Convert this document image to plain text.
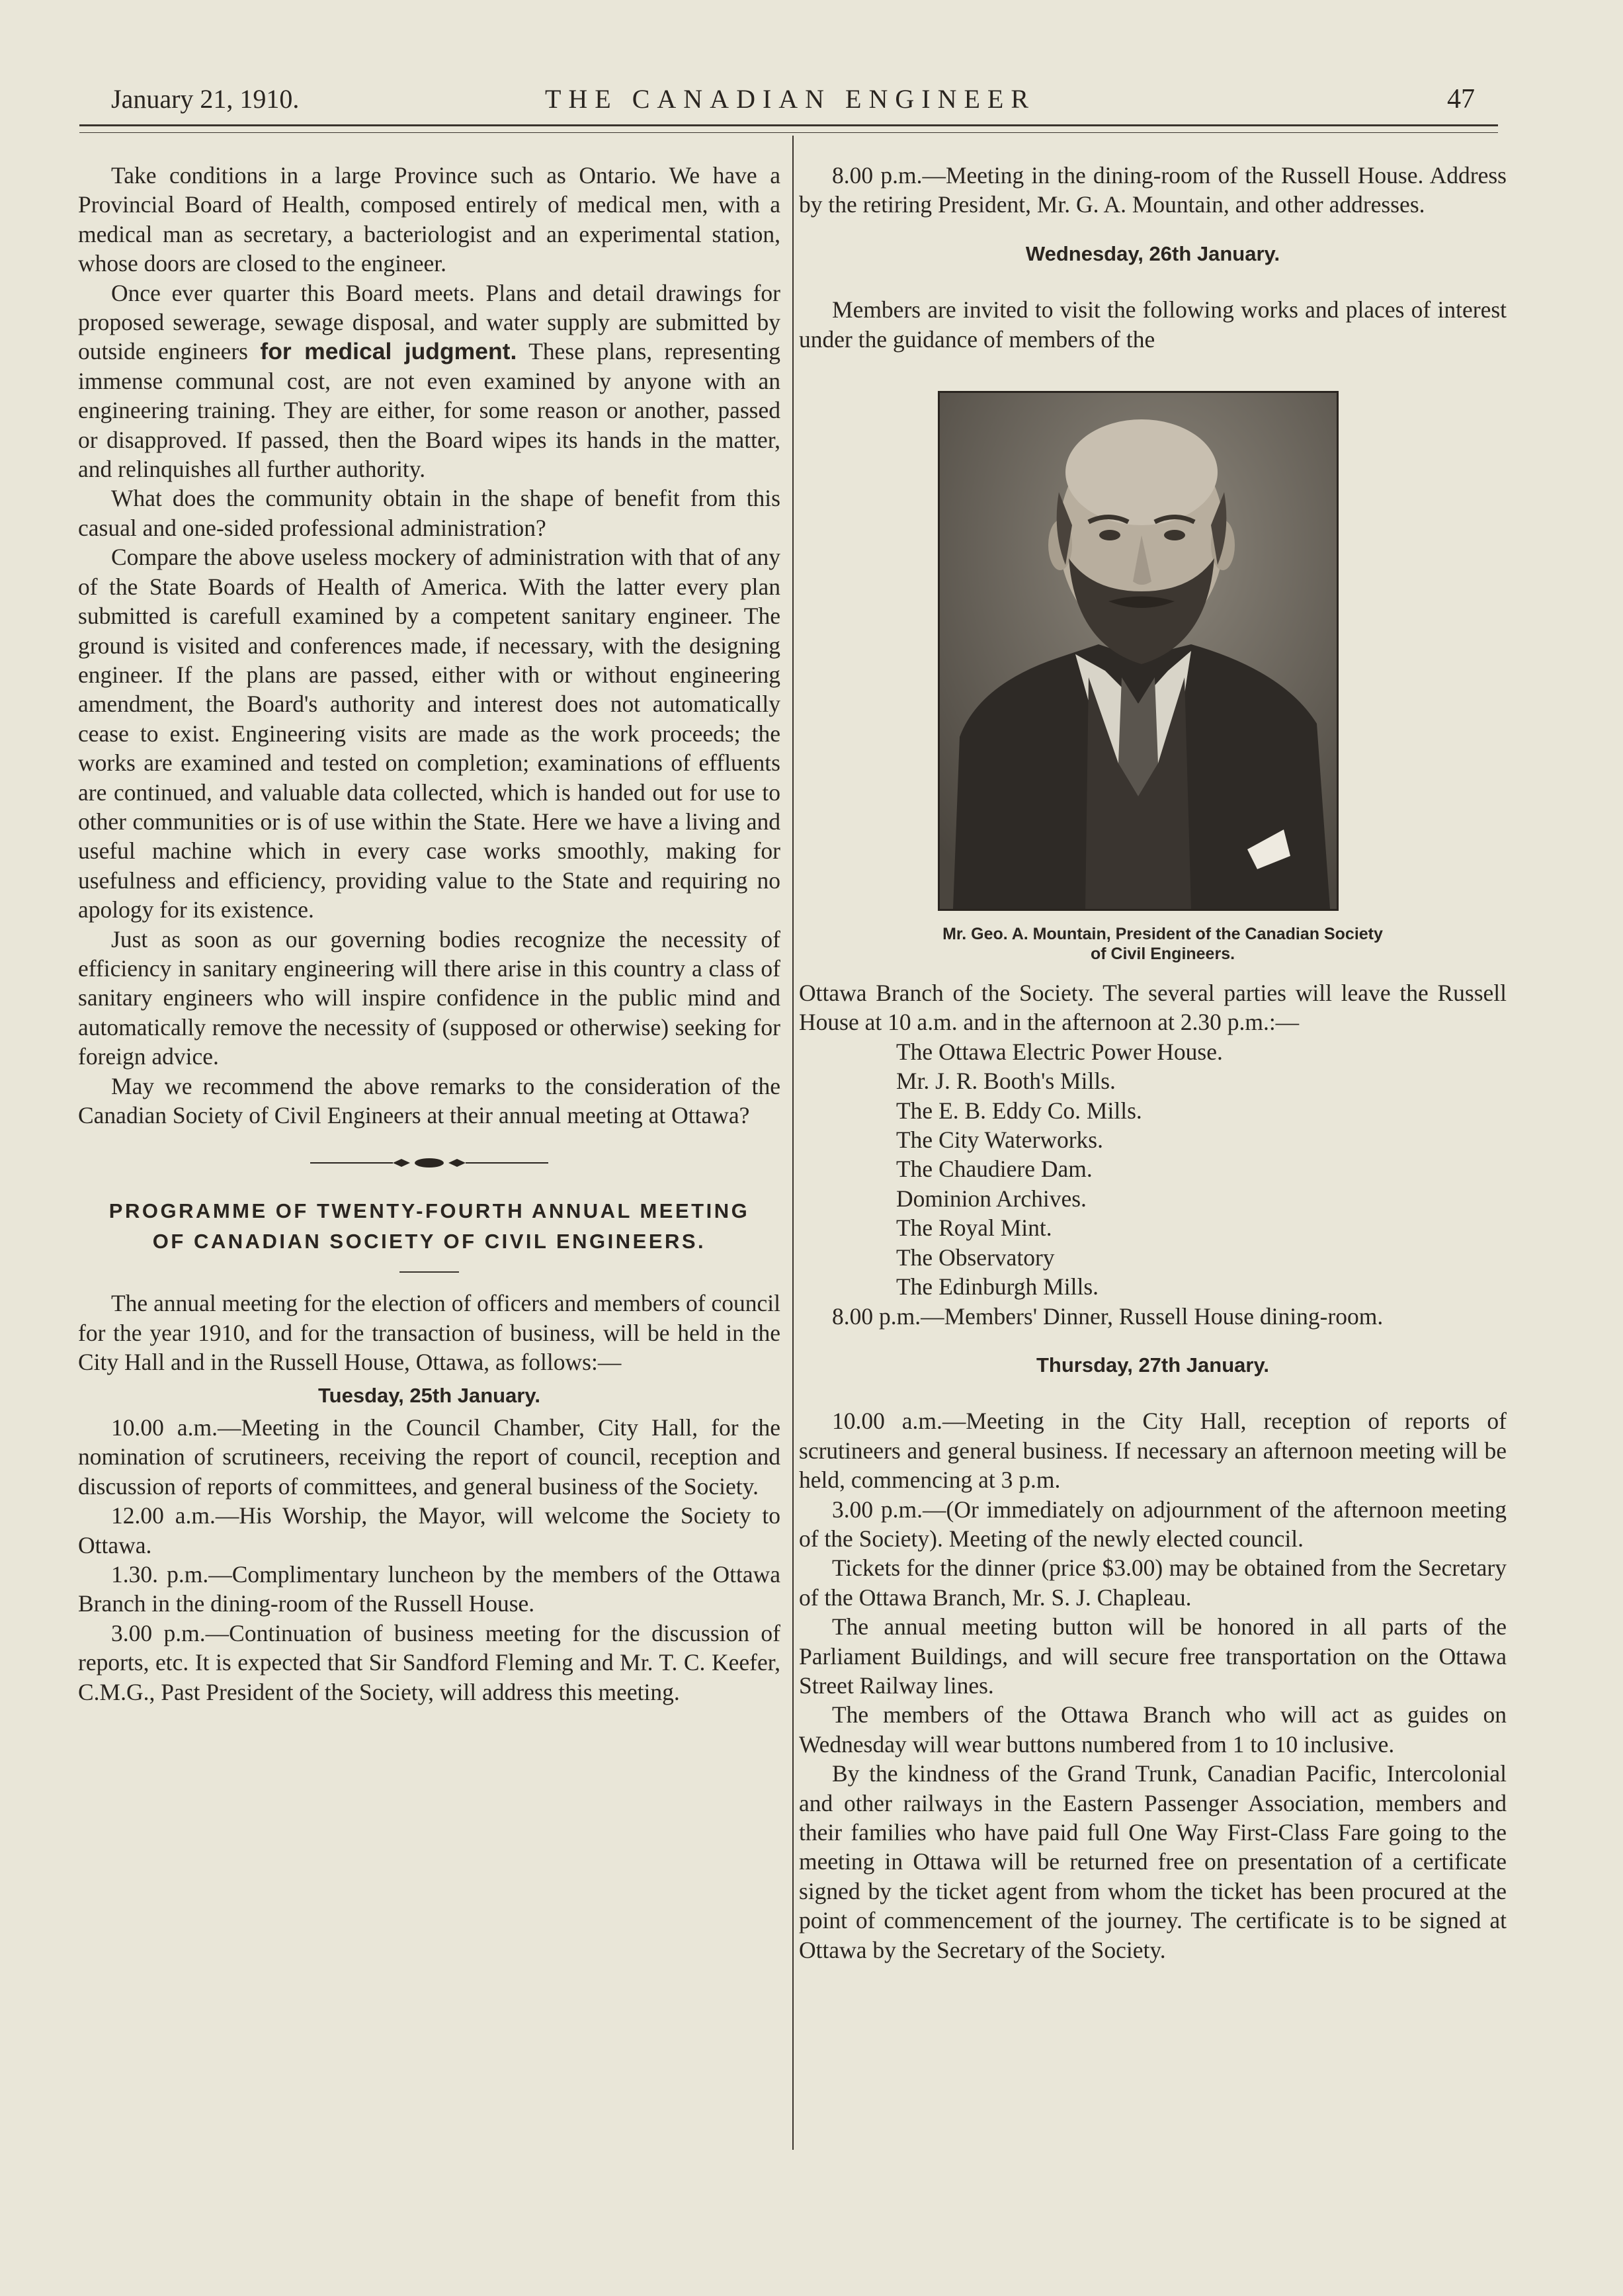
January 21, 1910.	THE CANADIAN ENGINEER	47

Take conditions in a large Province such as Ontario. We have a Provincial Board of Health, composed entirely of medical men, with a medical man as secretary, a bacteriologist and an experimental station, whose doors are closed to the engineer.

Once ever quarter this Board meets. Plans and detail drawings for proposed sewerage, sewage disposal, and water supply are submitted by outside engineers for medical judgment. These plans, representing immense communal cost, are not even examined by anyone with an engineering training. They are either, for some reason or another, passed or disapproved. If passed, then the Board wipes its hands in the matter, and relinquishes all further authority.

What does the community obtain in the shape of benefit from this casual and one-sided professional administration?

Compare the above useless mockery of administration with that of any of the State Boards of Health of America. With the latter every plan submitted is carefull examined by a competent sanitary engineer. The ground is visited and conferences made, if necessary, with the designing engineer. If the plans are passed, either with or without engineering amendment, the Board's authority and interest does not automatically cease to exist. Engineering visits are made as the work proceeds; the works are examined and tested on completion; examinations of effluents are continued, and valuable data collected, which is handed out for use to other communities or is of use within the State. Here we have a living and useful machine which in every case works smoothly, making for usefulness and efficiency, providing value to the State and requiring no apology for its existence.

Just as soon as our governing bodies recognize the necessity of efficiency in sanitary engineering will there arise in this country a class of sanitary engineers who will inspire confidence in the public mind and automatically remove the necessity of (supposed or otherwise) seeking for foreign advice.

May we recommend the above remarks to the consideration of the Canadian Society of Civil Engineers at their annual meeting at Ottawa?

PROGRAMME OF TWENTY-FOURTH ANNUAL MEETING OF CANADIAN SOCIETY OF CIVIL ENGINEERS.

The annual meeting for the election of officers and members of council for the year 1910, and for the transaction of business, will be held in the City Hall and in the Russell House, Ottawa, as follows:—

Tuesday, 25th January.

10.00 a.m.—Meeting in the Council Chamber, City Hall, for the nomination of scrutineers, receiving the report of council, reception and discussion of reports of committees, and general business of the Society.

12.00 a.m.—His Worship, the Mayor, will welcome the Society to Ottawa.

1.30. p.m.—Complimentary luncheon by the members of the Ottawa Branch in the dining-room of the Russell House.

3.00 p.m.—Continuation of business meeting for the discussion of reports, etc. It is expected that Sir Sandford Fleming and Mr. T. C. Keefer, C.M.G., Past President of the Society, will address this meeting.

8.00 p.m.—Meeting in the dining-room of the Russell House. Address by the retiring President, Mr. G. A. Mountain, and other addresses.

Wednesday, 26th January.

Members are invited to visit the following works and places of interest under the guidance of members of the

Mr. Geo. A. Mountain, President of the Canadian Society
of Civil Engineers.

Ottawa Branch of the Society. The several parties will leave the Russell House at 10 a.m. and in the afternoon at 2.30 p.m.:—

The Ottawa Electric Power House.
Mr. J. R. Booth's Mills.
The E. B. Eddy Co. Mills.
The City Waterworks.
The Chaudiere Dam.
Dominion Archives.
The Royal Mint.
The Observatory
The Edinburgh Mills.

8.00 p.m.—Members' Dinner, Russell House dining-room.

Thursday, 27th January.

10.00 a.m.—Meeting in the City Hall, reception of reports of scrutineers and general business. If necessary an afternoon meeting will be held, commencing at 3 p.m.

3.00 p.m.—(Or immediately on adjournment of the afternoon meeting of the Society). Meeting of the newly elected council.

Tickets for the dinner (price $3.00) may be obtained from the Secretary of the Ottawa Branch, Mr. S. J. Chapleau.

The annual meeting button will be honored in all parts of the Parliament Buildings, and will secure free transportation on the Ottawa Street Railway lines.

The members of the Ottawa Branch who will act as guides on Wednesday will wear buttons numbered from 1 to 10 inclusive.

By the kindness of the Grand Trunk, Canadian Pacific, Intercolonial and other railways in the Eastern Passenger Association, members and their families who have paid full One Way First-Class Fare going to the meeting in Ottawa will be returned free on presentation of a certificate signed by the ticket agent from whom the ticket has been procured at the point of commencement of the journey. The certificate is to be signed at Ottawa by the Secretary of the Society.
